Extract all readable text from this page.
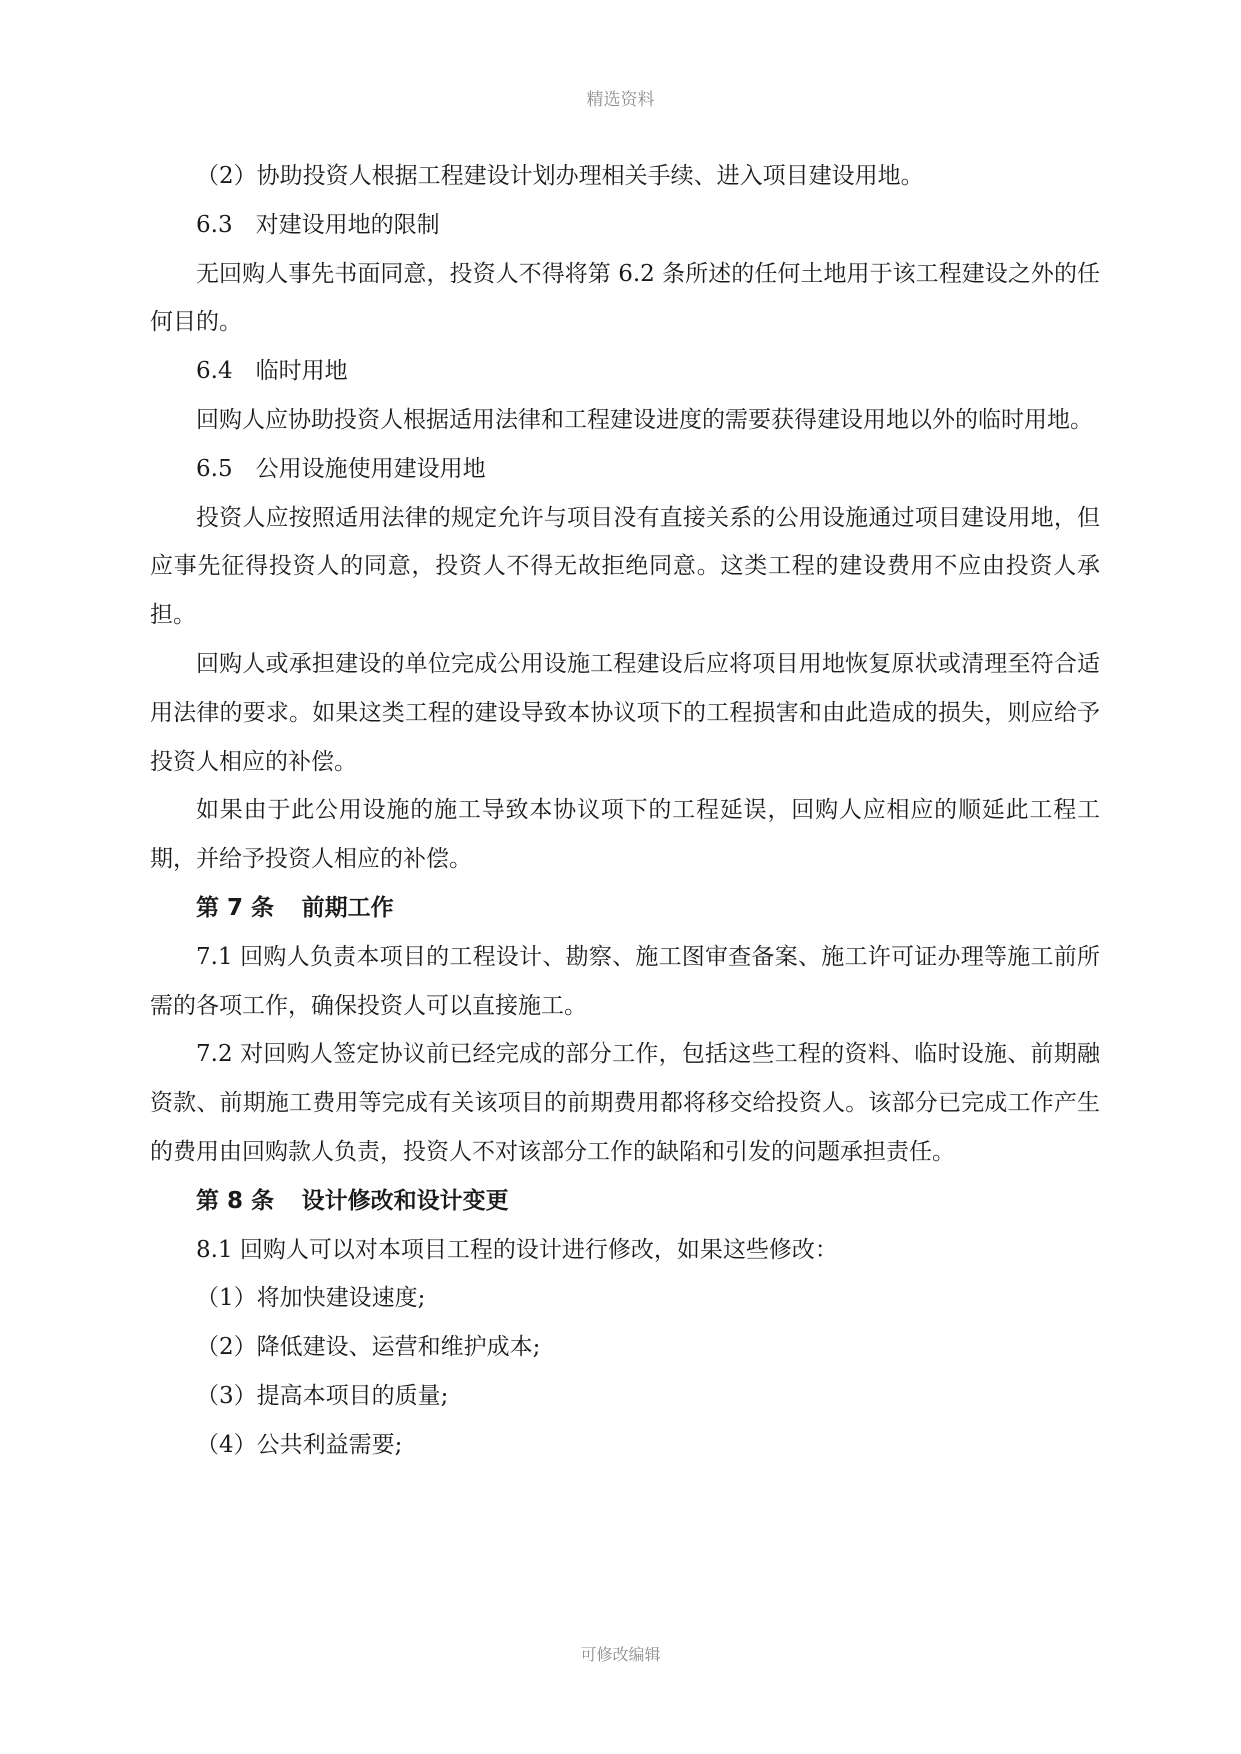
精选资料

（2）协助投资人根据工程建设计划办理相关手续、进入项目建设用地。

6.3　对建设用地的限制

无回购人事先书面同意，投资人不得将第 6.2 条所述的任何土地用于该工程建设之外的任何目的。

6.4　临时用地

回购人应协助投资人根据适用法律和工程建设进度的需要获得建设用地以外的临时用地。

6.5　公用设施使用建设用地

投资人应按照适用法律的规定允许与项目没有直接关系的公用设施通过项目建设用地，但应事先征得投资人的同意，投资人不得无故拒绝同意。这类工程的建设费用不应由投资人承担。

回购人或承担建设的单位完成公用设施工程建设后应将项目用地恢复原状或清理至符合适用法律的要求。如果这类工程的建设导致本协议项下的工程损害和由此造成的损失，则应给予投资人相应的补偿。

如果由于此公用设施的施工导致本协议项下的工程延误，回购人应相应的顺延此工程工期，并给予投资人相应的补偿。

第 7 条 前期工作

7.1 回购人负责本项目的工程设计、勘察、施工图审查备案、施工许可证办理等施工前所需的各项工作，确保投资人可以直接施工。

7.2 对回购人签定协议前已经完成的部分工作，包括这些工程的资料、临时设施、前期融资款、前期施工费用等完成有关该项目的前期费用都将移交给投资人。该部分已完成工作产生的费用由回购款人负责，投资人不对该部分工作的缺陷和引发的问题承担责任。

第 8 条 设计修改和设计变更

8.1 回购人可以对本项目工程的设计进行修改，如果这些修改：

（1）将加快建设速度;

（2）降低建设、运营和维护成本;

（3）提高本项目的质量;

（4）公共利益需要;

可修改编辑
